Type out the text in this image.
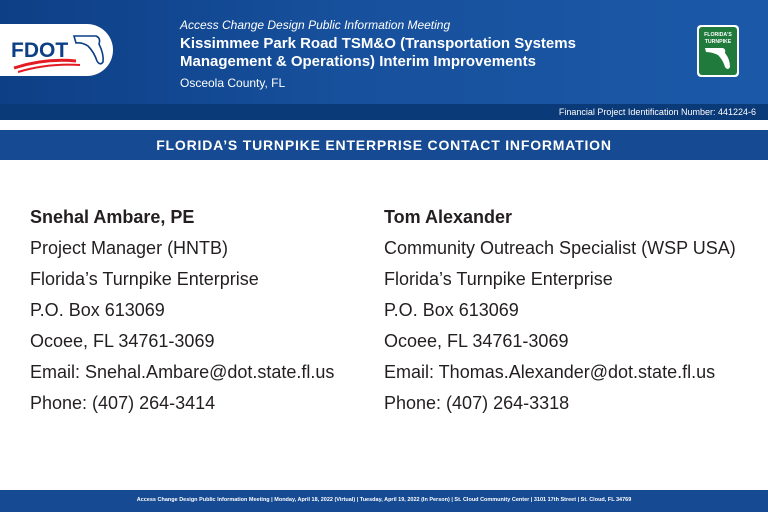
FDOT
Access Change Design Public Information Meeting
Kissimmee Park Road TSM&O (Transportation Systems Management & Operations) Interim Improvements
Osceola County, FL
FLORIDA'S
TURNPIKE
Financial Project Identification Number: 441224-6
FLORIDA’S TURNPIKE ENTERPRISE CONTACT INFORMATION
Snehal Ambare, PE
Project Manager (HNTB)
Florida’s Turnpike Enterprise
P.O. Box 613069
Ocoee, FL 34761-3069
Email: Snehal.Ambare@dot.state.fl.us
Phone: (407) 264-3414
Tom Alexander
Community Outreach Specialist (WSP USA)
Florida’s Turnpike Enterprise
P.O. Box 613069
Ocoee, FL 34761-3069
Email: Thomas.Alexander@dot.state.fl.us
Phone: (407) 264-3318
Access Change Design Public Information Meeting | Monday, April 18, 2022 (Virtual) | Tuesday, April 19, 2022 (In Person) | St. Cloud Community Center | 3101 17th Street | St. Cloud, FL 34769
